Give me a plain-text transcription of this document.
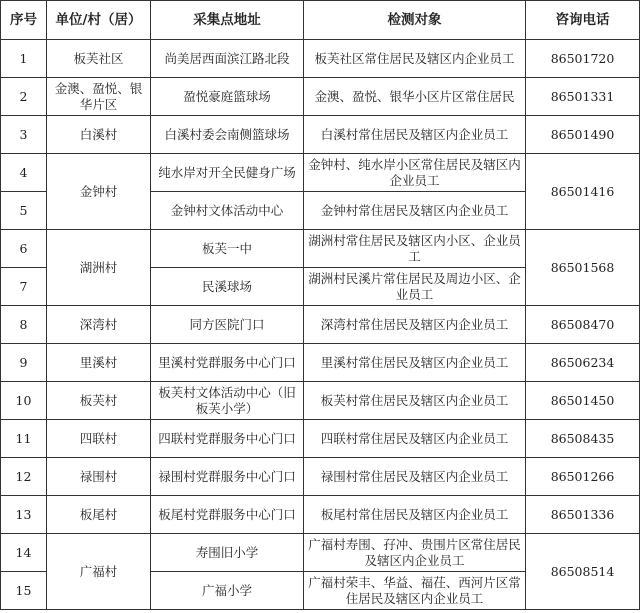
序号	单位/村（居）	采集点地址	检测对象	咨询电话
1	板芙社区	尚美居西面滨江路北段	板芙社区常住居民及辖区内企业员工	86501720
2	金澳、盈悦、银华片区	盈悦豪庭篮球场	金澳、盈悦、银华小区片区常住居民	86501331
3	白溪村	白溪村委会南侧篮球场	白溪村常住居民及辖区内企业员工	86501490
4	金钟村	纯水岸对开全民健身广场	金钟村、纯水岸小区常住居民及辖区内企业员工	86501416
5		金钟村文体活动中心	金钟村常住居民及辖区内企业员工	
6	湖洲村	板芙一中	湖洲村常住居民及辖区内小区、企业员工	86501568
7		民溪球场	湖洲村民溪片常住居民及周边小区、企业员工	
8	深湾村	同方医院门口	深湾村常住居民及辖区内企业员工	86508470
9	里溪村	里溪村党群服务中心门口	里溪村常住居民及辖区内企业员工	86506234
10	板芙村	板芙村文体活动中心（旧板芙小学）	板芙村常住居民及辖区内企业员工	86501450
11	四联村	四联村党群服务中心门口	四联村常住居民及辖区内企业员工	86508435
12	禄围村	禄围村党群服务中心门口	禄围村常住居民及辖区内企业员工	86501266
13	板尾村	板尾村党群服务中心门口	板尾村常住居民及辖区内企业员工	86501336
14	广福村	寿围旧小学	广福村寿围、孖冲、贵围片区常住居民及辖区内企业员工	86508514
15		广福小学	广福村荣丰、华益、福茌、西河片区常住居民及辖区内企业员工	
